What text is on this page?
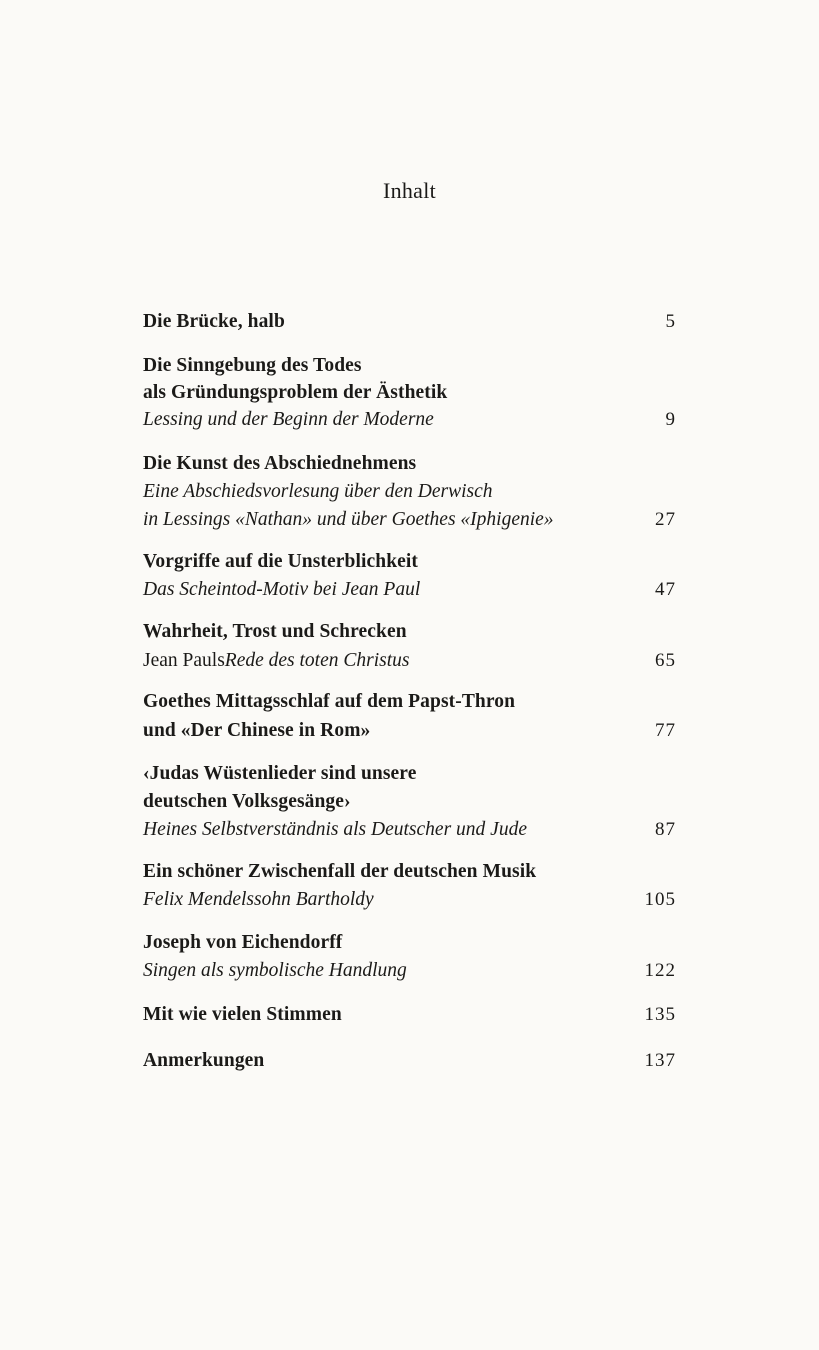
Inhalt
Die Brücke, halb	5
Die Sinngebung des Todes
als Gründungsproblem der Ästhetik
Lessing und der Beginn der Moderne	9
Die Kunst des Abschiednehmens
Eine Abschiedsvorlesung über den Derwisch
in Lessings «Nathan» und über Goethes «Iphigenie»	27
Vorgriffe auf die Unsterblichkeit
Das Scheintod-Motiv bei Jean Paul	47
Wahrheit, Trost und Schrecken
Jean PaulsRede des toten Christus	65
Goethes Mittagsschlaf auf dem Papst-Thron
und «Der Chinese in Rom»	77
‹Judas Wüstenlieder sind unsere
deutschen Volksgesänge›
Heines Selbstverständnis als Deutscher und Jude	87
Ein schöner Zwischenfall der deutschen Musik
Felix Mendelssohn Bartholdy	105
Joseph von Eichendorff
Singen als symbolische Handlung	122
Mit wie vielen Stimmen	135
Anmerkungen	137
